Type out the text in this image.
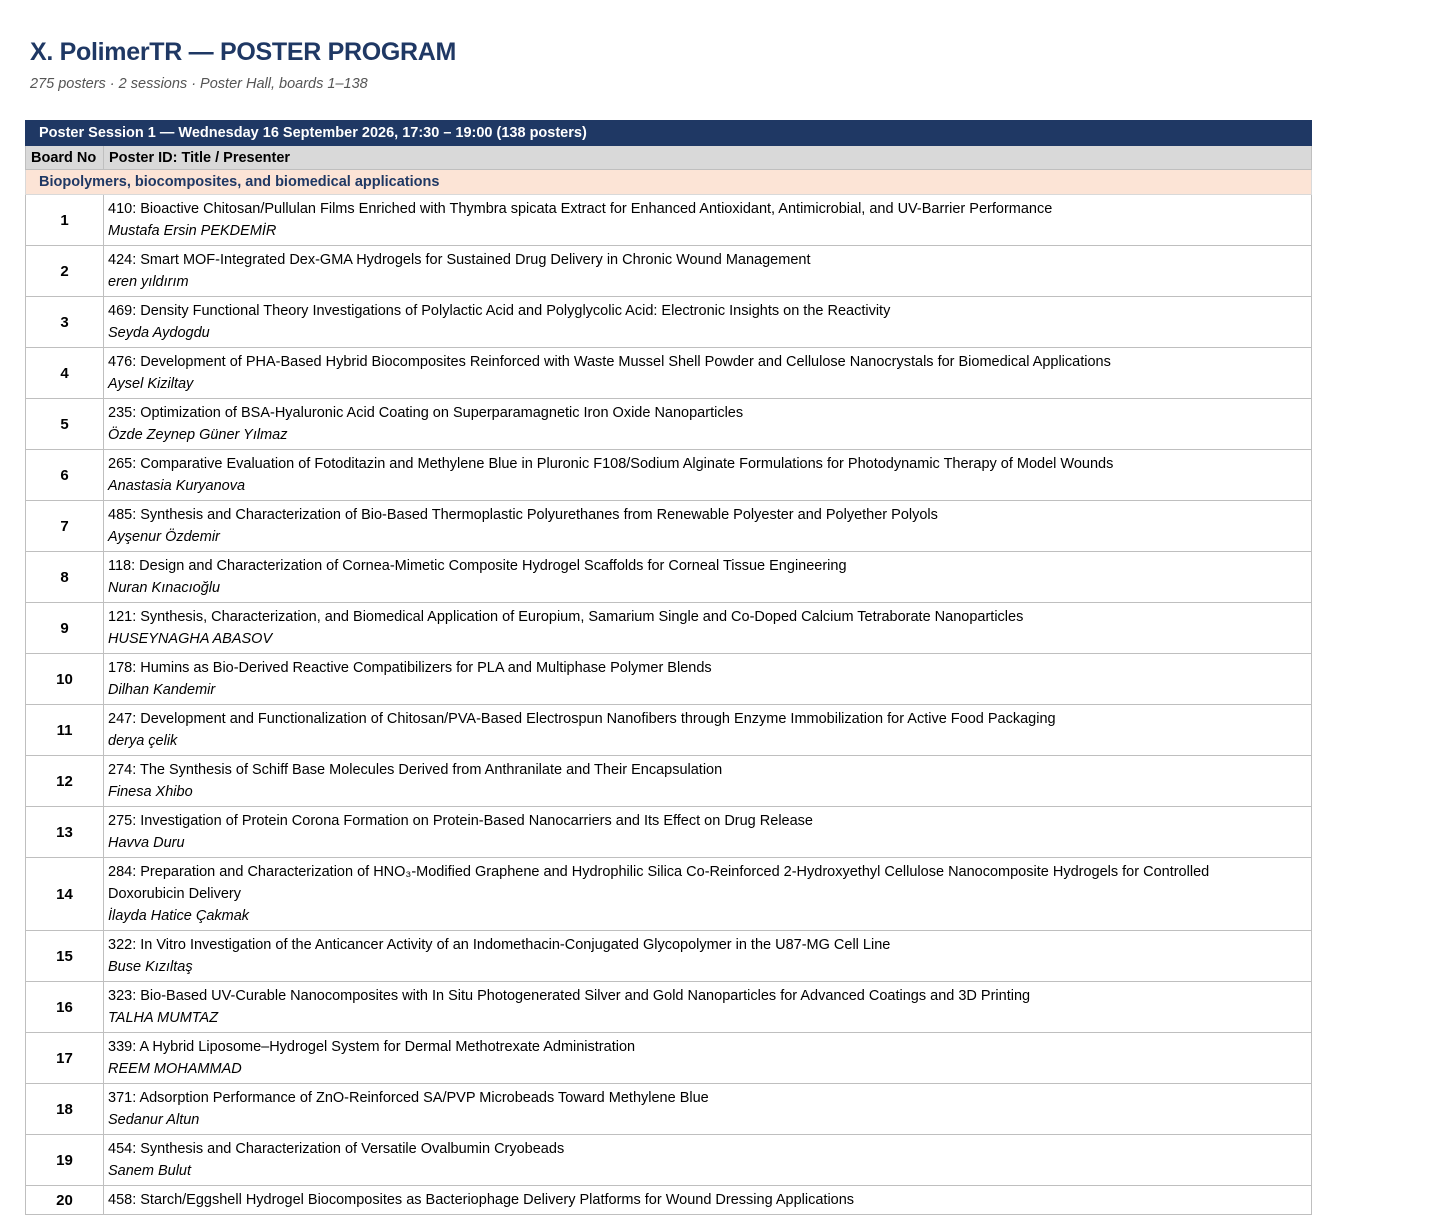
X. PolimerTR — POSTER PROGRAM
275 posters · 2 sessions · Poster Hall, boards 1–138
Poster Session 1 — Wednesday 16 September 2026, 17:30 – 19:00 (138 posters)	
Board No	Poster ID: Title / Presenter
Biopolymers, biocomposites, and biomedical applications	
1	410: Bioactive Chitosan/Pullulan Films Enriched with Thymbra spicata Extract for Enhanced Antioxidant, Antimicrobial, and UV-Barrier Performance
Mustafa Ersin PEKDEMİR

2	424: Smart MOF-Integrated Dex-GMA Hydrogels for Sustained Drug Delivery in Chronic Wound Management
eren yıldırım

3	469: Density Functional Theory Investigations of Polylactic Acid and Polyglycolic Acid: Electronic Insights on the Reactivity
Seyda Aydogdu

4	476: Development of PHA-Based Hybrid Biocomposites Reinforced with Waste Mussel Shell Powder and Cellulose Nanocrystals for Biomedical Applications
Aysel Kiziltay

5	235: Optimization of BSA-Hyaluronic Acid Coating on Superparamagnetic Iron Oxide Nanoparticles
Özde Zeynep Güner Yılmaz

6	265: Comparative Evaluation of Fotoditazin and Methylene Blue in Pluronic F108/Sodium Alginate Formulations for Photodynamic Therapy of Model Wounds
Anastasia Kuryanova

7	485: Synthesis and Characterization of Bio-Based Thermoplastic Polyurethanes from Renewable Polyester and Polyether Polyols
Ayşenur Özdemir

8	118: Design and Characterization of Cornea-Mimetic Composite Hydrogel Scaffolds for Corneal Tissue Engineering
Nuran Kınacıoğlu

9	121: Synthesis, Characterization, and Biomedical Application of Europium, Samarium Single and Co-Doped Calcium Tetraborate Nanoparticles
HUSEYNAGHA ABASOV

10	178: Humins as Bio-Derived Reactive Compatibilizers for PLA and Multiphase Polymer Blends
Dilhan Kandemir

11	247: Development and Functionalization of Chitosan/PVA-Based Electrospun Nanofibers through Enzyme Immobilization for Active Food Packaging
derya çelik

12	274: The Synthesis of Schiff Base Molecules Derived from Anthranilate and Their Encapsulation
Finesa Xhibo

13	275: Investigation of Protein Corona Formation on Protein-Based Nanocarriers and Its Effect on Drug Release
Havva Duru

14	284: Preparation and Characterization of HNO₃-Modified Graphene and Hydrophilic Silica Co-Reinforced 2-Hydroxyethyl Cellulose Nanocomposite Hydrogels for Controlled Doxorubicin Delivery
İlayda Hatice Çakmak

15	322: In Vitro Investigation of the Anticancer Activity of an Indomethacin-Conjugated Glycopolymer in the U87-MG Cell Line
Buse Kızıltaş

16	323: Bio-Based UV-Curable Nanocomposites with In Situ Photogenerated Silver and Gold Nanoparticles for Advanced Coatings and 3D Printing
TALHA MUMTAZ

17	339: A Hybrid Liposome–Hydrogel System for Dermal Methotrexate Administration
REEM MOHAMMAD

18	371: Adsorption Performance of ZnO-Reinforced SA/PVP Microbeads Toward Methylene Blue
Sedanur Altun

19	454: Synthesis and Characterization of Versatile Ovalbumin Cryobeads
Sanem Bulut

20	458: Starch/Eggshell Hydrogel Biocomposites as Bacteriophage Delivery Platforms for Wound Dressing Applications
